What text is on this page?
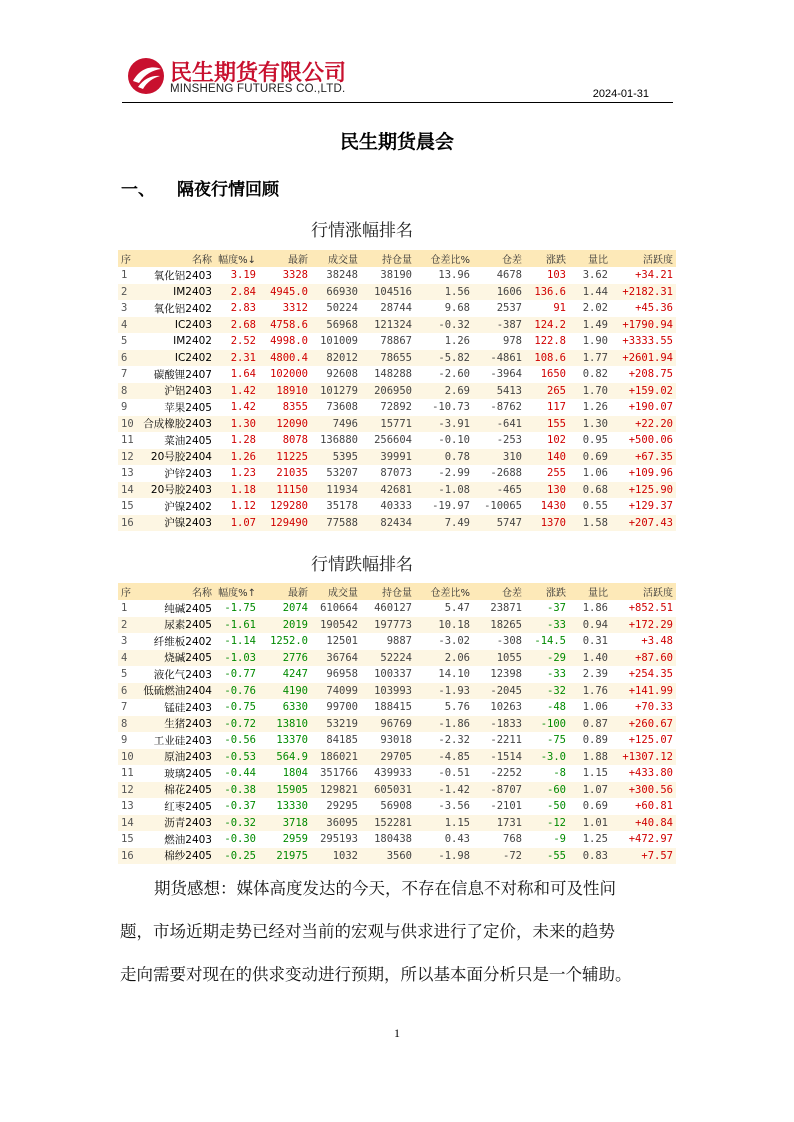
民生期货有限公司
MINSHENG FUTURES CO.,LTD.	2024-01-31
民生期货晨会
一、 隔夜行情回顾
行情涨幅排名
序	名称	幅度%↓	最新	成交量	持仓量	仓差比%	仓差	涨跌	量比	活跃度
1	氧化铝2403	3.19	3328	38248	38190	13.96	4678	103	3.62	+34.21
2	IM2403	2.84	4945.0	66930	104516	1.56	1606	136.6	1.44	+2182.31
3	氧化铝2402	2.83	3312	50224	28744	9.68	2537	91	2.02	+45.36
4	IC2403	2.68	4758.6	56968	121324	-0.32	-387	124.2	1.49	+1790.94
5	IM2402	2.52	4998.0	101009	78867	1.26	978	122.8	1.90	+3333.55
6	IC2402	2.31	4800.4	82012	78655	-5.82	-4861	108.6	1.77	+2601.94
7	碳酸锂2407	1.64	102000	92608	148288	-2.60	-3964	1650	0.82	+208.75
8	沪铝2403	1.42	18910	101279	206950	2.69	5413	265	1.70	+159.02
9	苹果2405	1.42	8355	73608	72892	-10.73	-8762	117	1.26	+190.07
10	合成橡胶2403	1.30	12090	7496	15771	-3.91	-641	155	1.30	+22.20
11	菜油2405	1.28	8078	136880	256604	-0.10	-253	102	0.95	+500.06
12	20号胶2404	1.26	11225	5395	39991	0.78	310	140	0.69	+67.35
13	沪锌2403	1.23	21035	53207	87073	-2.99	-2688	255	1.06	+109.96
14	20号胶2403	1.18	11150	11934	42681	-1.08	-465	130	0.68	+125.90
15	沪镍2402	1.12	129280	35178	40333	-19.97	-10065	1430	0.55	+129.37
16	沪镍2403	1.07	129490	77588	82434	7.49	5747	1370	1.58	+207.43
行情跌幅排名
序	名称	幅度%↑	最新	成交量	持仓量	仓差比%	仓差	涨跌	量比	活跃度
1	纯碱2405	-1.75	2074	610664	460127	5.47	23871	-37	1.86	+852.51
2	尿素2405	-1.61	2019	190542	197773	10.18	18265	-33	0.94	+172.29
3	纤维板2402	-1.14	1252.0	12501	9887	-3.02	-308	-14.5	0.31	+3.48
4	烧碱2405	-1.03	2776	36764	52224	2.06	1055	-29	1.40	+87.60
5	液化气2403	-0.77	4247	96958	100337	14.10	12398	-33	2.39	+254.35
6	低硫燃油2404	-0.76	4190	74099	103993	-1.93	-2045	-32	1.76	+141.99
7	锰硅2403	-0.75	6330	99700	188415	5.76	10263	-48	1.06	+70.33
8	生猪2403	-0.72	13810	53219	96769	-1.86	-1833	-100	0.87	+260.67
9	工业硅2403	-0.56	13370	84185	93018	-2.32	-2211	-75	0.89	+125.07
10	原油2403	-0.53	564.9	186021	29705	-4.85	-1514	-3.0	1.88	+1307.12
11	玻璃2405	-0.44	1804	351766	439933	-0.51	-2252	-8	1.15	+433.80
12	棉花2405	-0.38	15905	129821	605031	-1.42	-8707	-60	1.07	+300.56
13	红枣2405	-0.37	13330	29295	56908	-3.56	-2101	-50	0.69	+60.81
14	沥青2403	-0.32	3718	36095	152281	1.15	1731	-12	1.01	+40.84
15	燃油2403	-0.30	2959	295193	180438	0.43	768	-9	1.25	+472.97
16	棉纱2405	-0.25	21975	1032	3560	-1.98	-72	-55	0.83	+7.57
期货感想：媒体高度发达的今天，不存在信息不对称和可及性问
题，市场近期走势已经对当前的宏观与供求进行了定价，未来的趋势
走向需要对现在的供求变动进行预期，所以基本面分析只是一个辅助。
1
